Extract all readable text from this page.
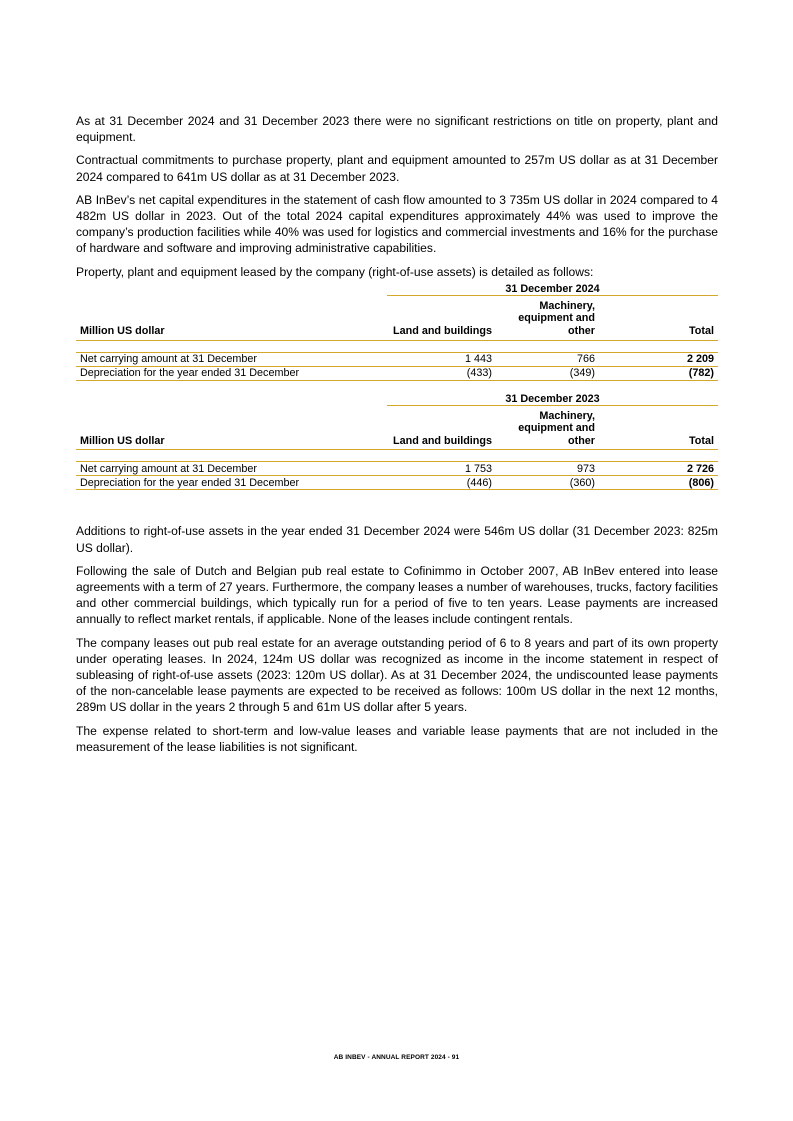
As at 31 December 2024 and 31 December 2023 there were no significant restrictions on title on property, plant and equipment.

Contractual commitments to purchase property, plant and equipment amounted to 257m US dollar as at 31 December 2024 compared to 641m US dollar as at 31 December 2023.

AB InBev’s net capital expenditures in the statement of cash flow amounted to 3 735m US dollar in 2024 compared to 4 482m US dollar in 2023. Out of the total 2024 capital expenditures approximately 44% was used to improve the company’s production facilities while 40% was used for logistics and commercial investments and 16% for the purchase of hardware and software and improving administrative capabilities.

Property, plant and equipment leased by the company (right-of-use assets) is detailed as follows:

31 December 2024
Million US dollar	Land and buildings
Machinery,
equipment and
other	Total
Net carrying amount at 31 December	1 443	766	2 209
Depreciation for the year ended 31 December	(433)	(349)	(782)
31 December 2023
Million US dollar	Land and buildings
Machinery,
equipment and
other	Total
Net carrying amount at 31 December	1 753	973	2 726
Depreciation for the year ended 31 December	(446)	(360)	(806)

Additions to right-of-use assets in the year ended 31 December 2024 were 546m US dollar (31 December 2023: 825m US dollar).

Following the sale of Dutch and Belgian pub real estate to Cofinimmo in October 2007, AB InBev entered into lease agreements with a term of 27 years. Furthermore, the company leases a number of warehouses, trucks, factory facilities and other commercial buildings, which typically run for a period of five to ten years. Lease payments are increased annually to reflect market rentals, if applicable. None of the leases include contingent rentals.

The company leases out pub real estate for an average outstanding period of 6 to 8 years and part of its own property under operating leases. In 2024, 124m US dollar was recognized as income in the income statement in respect of subleasing of right-of-use assets (2023: 120m US dollar). As at 31 December 2024, the undiscounted lease payments of the non-cancelable lease payments are expected to be received as follows: 100m US dollar in the next 12 months, 289m US dollar in the years 2 through 5 and 61m US dollar after 5 years.

The expense related to short-term and low-value leases and variable lease payments that are not included in the measurement of the lease liabilities is not significant.

AB INBEV - ANNUAL REPORT 2024 - 91
